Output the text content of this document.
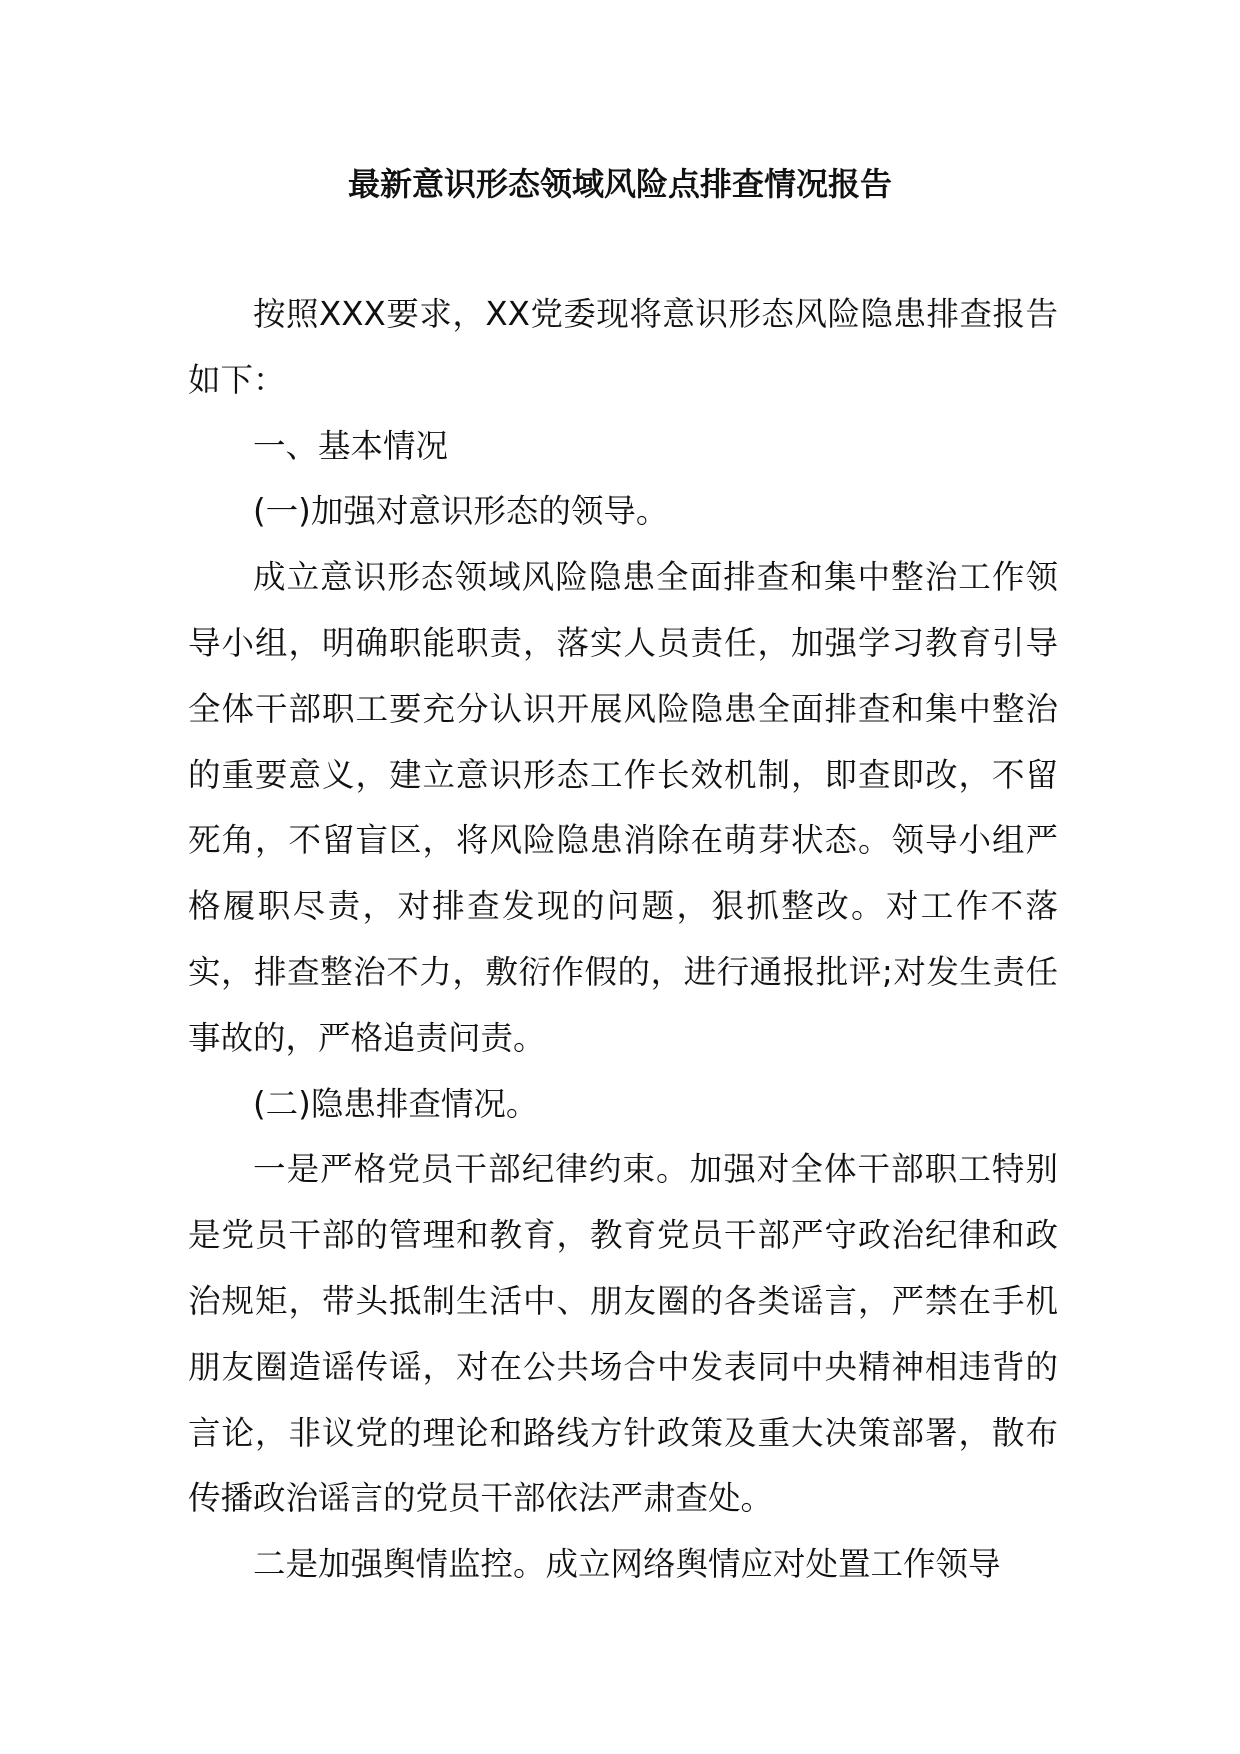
最新意识形态领域风险点排查情况报告

按照XXX要求，XX党委现将意识形态风险隐患排查报告如下：

一、基本情况

(一)加强对意识形态的领导。

成立意识形态领域风险隐患全面排查和集中整治工作领导小组，明确职能职责，落实人员责任，加强学习教育引导全体干部职工要充分认识开展风险隐患全面排查和集中整治的重要意义，建立意识形态工作长效机制，即查即改，不留死角，不留盲区，将风险隐患消除在萌芽状态。领导小组严格履职尽责，对排查发现的问题，狠抓整改。对工作不落实，排查整治不力，敷衍作假的，进行通报批评;对发生责任事故的，严格追责问责。

(二)隐患排查情况。

一是严格党员干部纪律约束。加强对全体干部职工特别是党员干部的管理和教育，教育党员干部严守政治纪律和政治规矩，带头抵制生活中、朋友圈的各类谣言，严禁在手机朋友圈造谣传谣，对在公共场合中发表同中央精神相违背的言论，非议党的理论和路线方针政策及重大决策部署，散布传播政治谣言的党员干部依法严肃查处。

二是加强舆情监控。成立网络舆情应对处置工作领导
